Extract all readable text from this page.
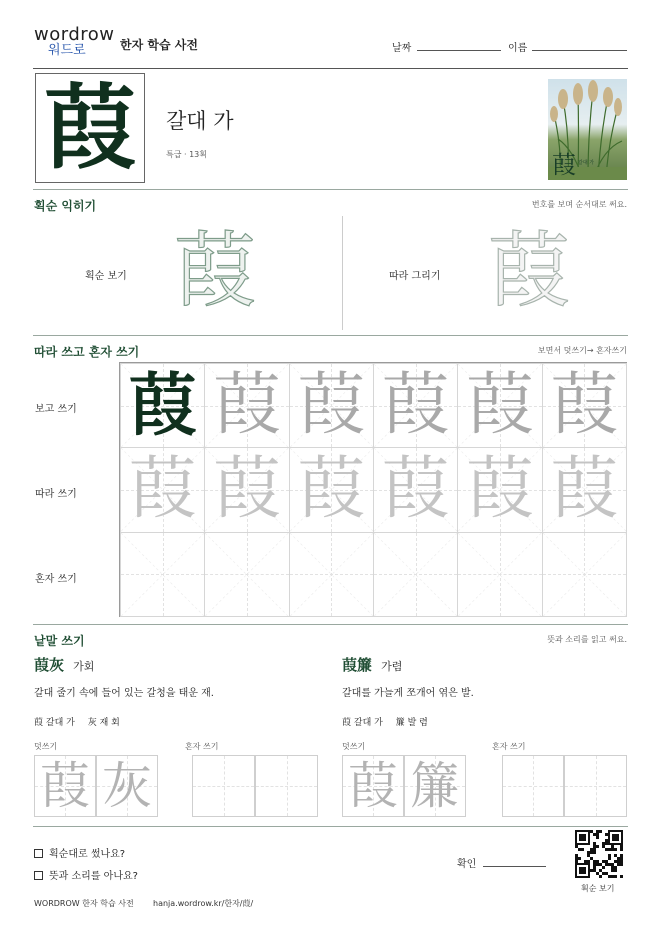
wordrow
워드로	한자 학습 사전	날짜	이름
葭	갈대 가
특급 · 13획	葭 갈대 가
획순 익히기	번호를 보며 순서대로 써요.
획순 보기 葭	따라 그리기 葭
따라 쓰고 혼자 쓰기	보면서 덧쓰기→ 혼자쓰기
보고 쓰기
따라 쓰기
혼자 쓰기
葭 葭 葭 葭 葭 葭
葭 葭 葭 葭 葭 葭
낱말 쓰기	뜻과 소리를 읽고 써요.
葭灰 가회
갈대 줄기 속에 들어 있는 갈청을 태운 재.
葭 갈대 가 灰 재 회
덧쓰기	혼자 쓰기
葭簾 가렴
갈대를 가늘게 쪼개어 엮은 발.
葭 갈대 가 簾 발 렴
덧쓰기	혼자 쓰기
葭 灰	葭 簾
획순대로 썼나요?
뜻과 소리를 아나요?
확인
획순 보기
WORDROW 한자 학습 사전 hanja.wordrow.kr/한자/葭/
